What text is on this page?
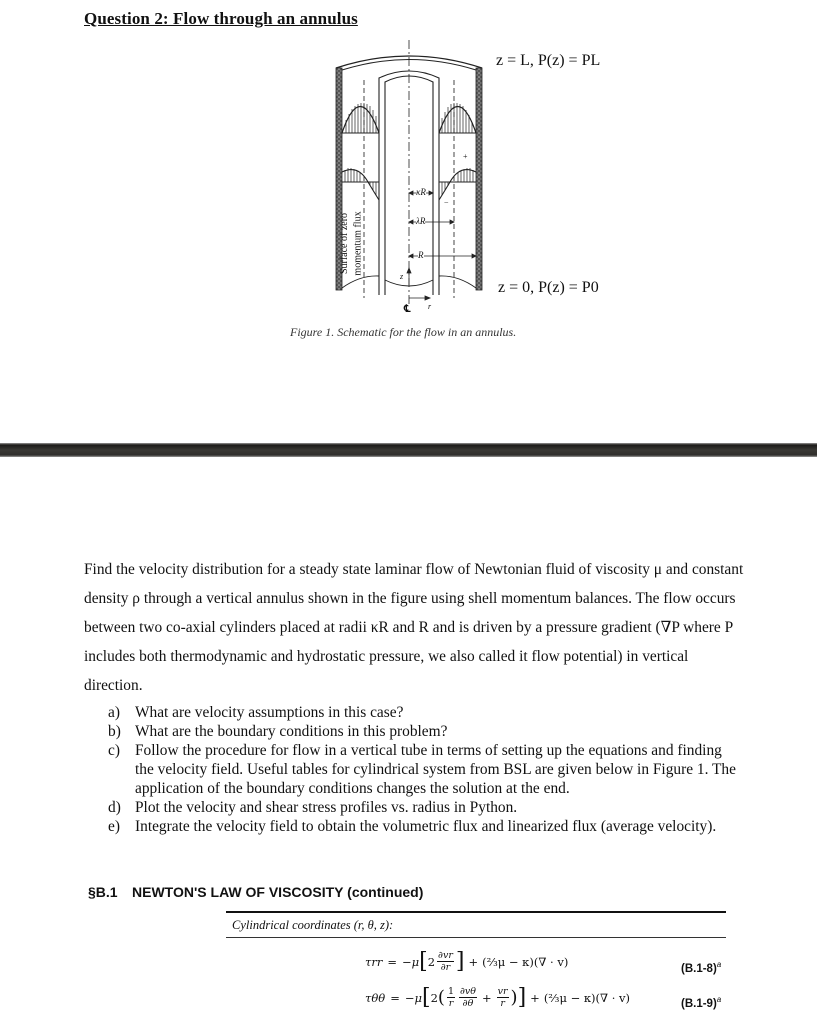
Question 2: Flow through an annulus
Surface of zero momentum flux
κR
λR
R
z
r
℄
+
−
z = L, P(z) = PL
z = 0, P(z) = P0
Figure 1. Schematic for the flow in an annulus.
Find the velocity distribution for a steady state laminar flow of Newtonian fluid of viscosity μ and constant density ρ through a vertical annulus shown in the figure using shell momentum balances. The flow occurs between two co-axial cylinders placed at radii κR and R and is driven by a pressure gradient (∇P where P includes both thermodynamic and hydrostatic pressure, we also called it flow potential) in vertical direction.
a) What are velocity assumptions in this case?
b) What are the boundary conditions in this problem?
c) Follow the procedure for flow in a vertical tube in terms of setting up the equations and finding the velocity field. Useful tables for cylindrical system from BSL are given below in Figure 1. The application of the boundary conditions changes the solution at the end.
d) Plot the velocity and shear stress profiles vs. radius in Python.
e) Integrate the velocity field to obtain the volumetric flux and linearized flux (average velocity).
§B.1 NEWTON'S LAW OF VISCOSITY (continued)
Cylindrical coordinates (r, θ, z):
τrr = −μ [ $2 \frac{\partial vr}{\partial r}$ ] + (⅔μ − κ)(∇ · v)
$(B.1-8)^a$
τθθ = −μ [ 2 ( $\frac{1}{r} \frac{\partial v\theta}{\partial\theta} + \frac{vr}{r}$ ) ] + (⅔μ − κ)(∇ · v)	$(B.1-9)^a$
